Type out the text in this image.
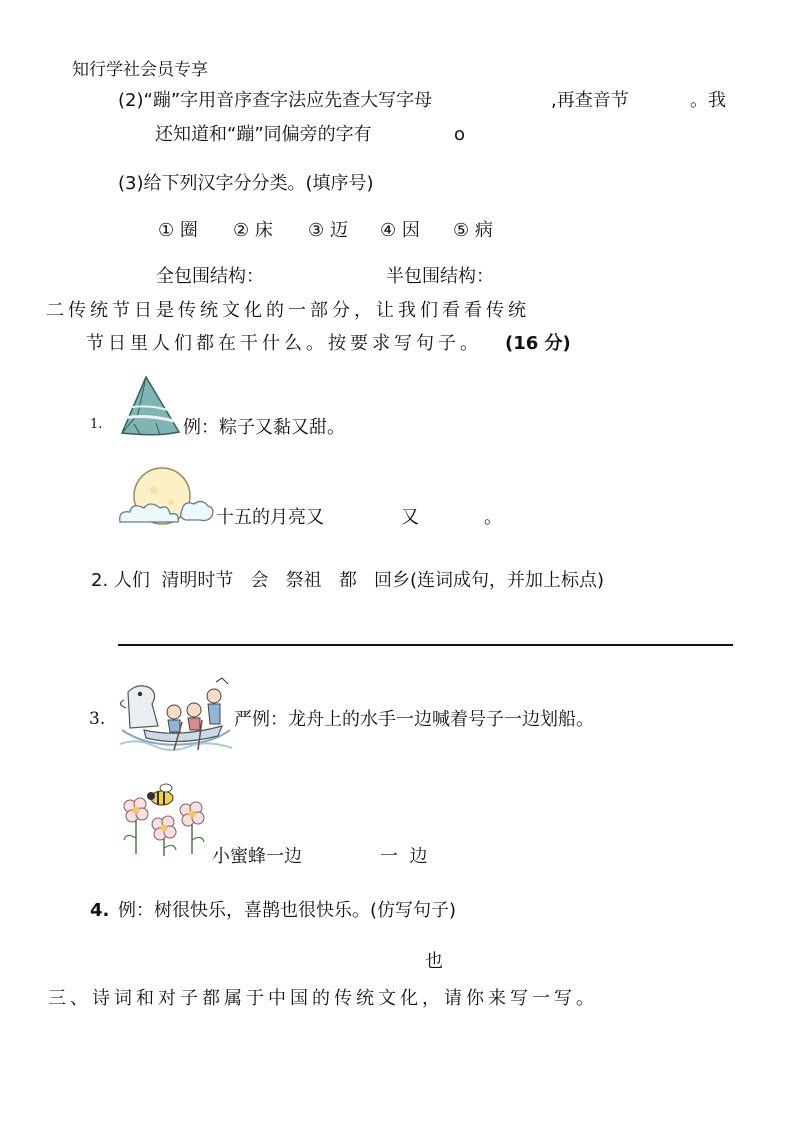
知行学社会员专享
(2)“蹦”字用音序查字法应先查大写字母	,再查音节	。我
还知道和“蹦”同偏旁的字有	o
(3)给下列汉字分分类。(填序号)
① 圈 ② 床 ③ 迈 ④ 因 ⑤ 病
全包围结构：	半包围结构：
二传统节日是传统文化的一部分，让我们看看传统
节日里人们都在干什么。按要求写句子。 (16 分)
1.	例：粽子又黏又甜。
十五的月亮又	又	。
2. 人们  清明时节   会   祭祖   都   回乡(连词成句，并加上标点)
3.	严例：龙舟上的水手一边喊着号子一边划船。
小蜜蜂一边	一  边
4. 例：树很快乐，喜鹊也很快乐。(仿写句子)
也
三、诗词和对子都属于中国的传统文化，请你来写一写。
